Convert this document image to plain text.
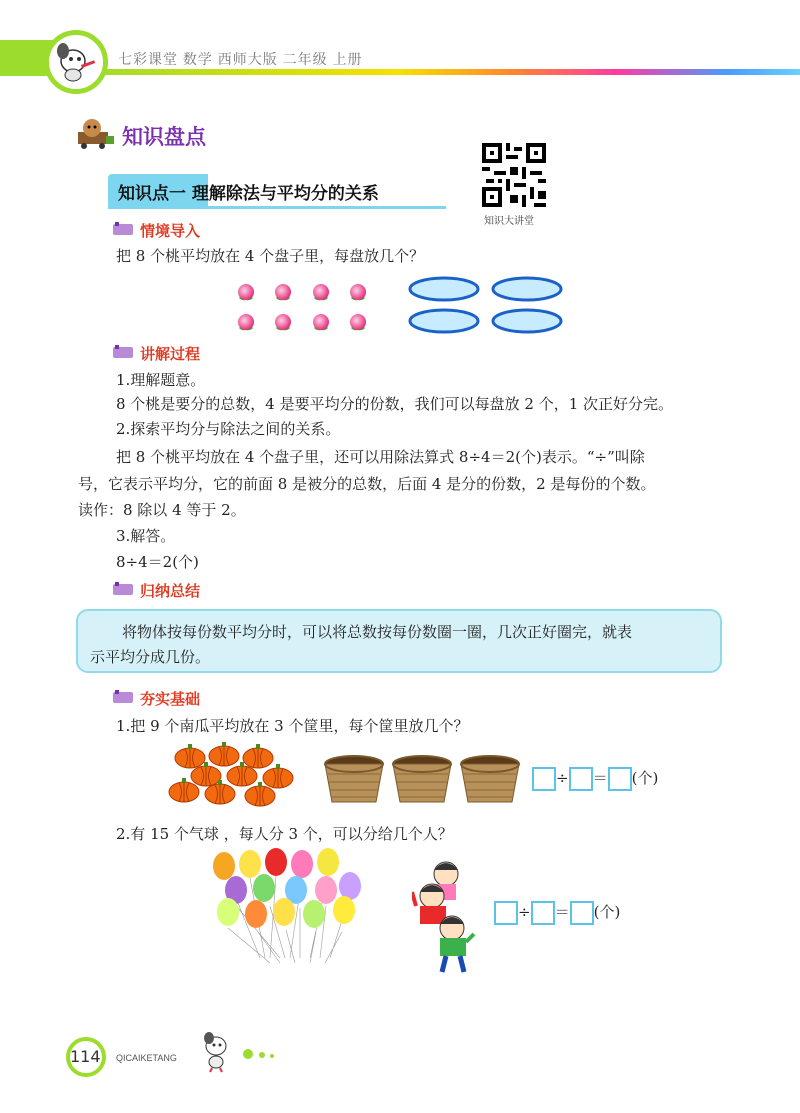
七彩课堂 数学 西师大版 二年级 上册
知识盘点
知识点一 理解除法与平均分的关系
知识大讲堂
情境导入
把 8 个桃平均放在 4 个盘子里，每盘放几个？
讲解过程
1.理解题意。
8 个桃是要分的总数，4 是要平均分的份数，我们可以每盘放 2 个，1 次正好分完。
2.探索平均分与除法之间的关系。
把 8 个桃平均放在 4 个盘子里，还可以用除法算式 8÷4＝2(个)表示。“÷”叫除
号，它表示平均分，它的前面 8 是被分的总数，后面 4 是分的份数，2 是每份的个数。
读作：8 除以 4 等于 2。
3.解答。
8÷4＝2(个)
归纳总结
将物体按每份数平均分时，可以将总数按每份数圈一圈，几次正好圈完，就表
示平均分成几份。
夯实基础
1.把 9 个南瓜平均放在 3 个筐里，每个筐里放几个？
÷ ＝ (个)
2.有 15 个气球 ，每人分 3 个，可以分给几个人？
÷ ＝ (个)
114 QICAIKETANG
